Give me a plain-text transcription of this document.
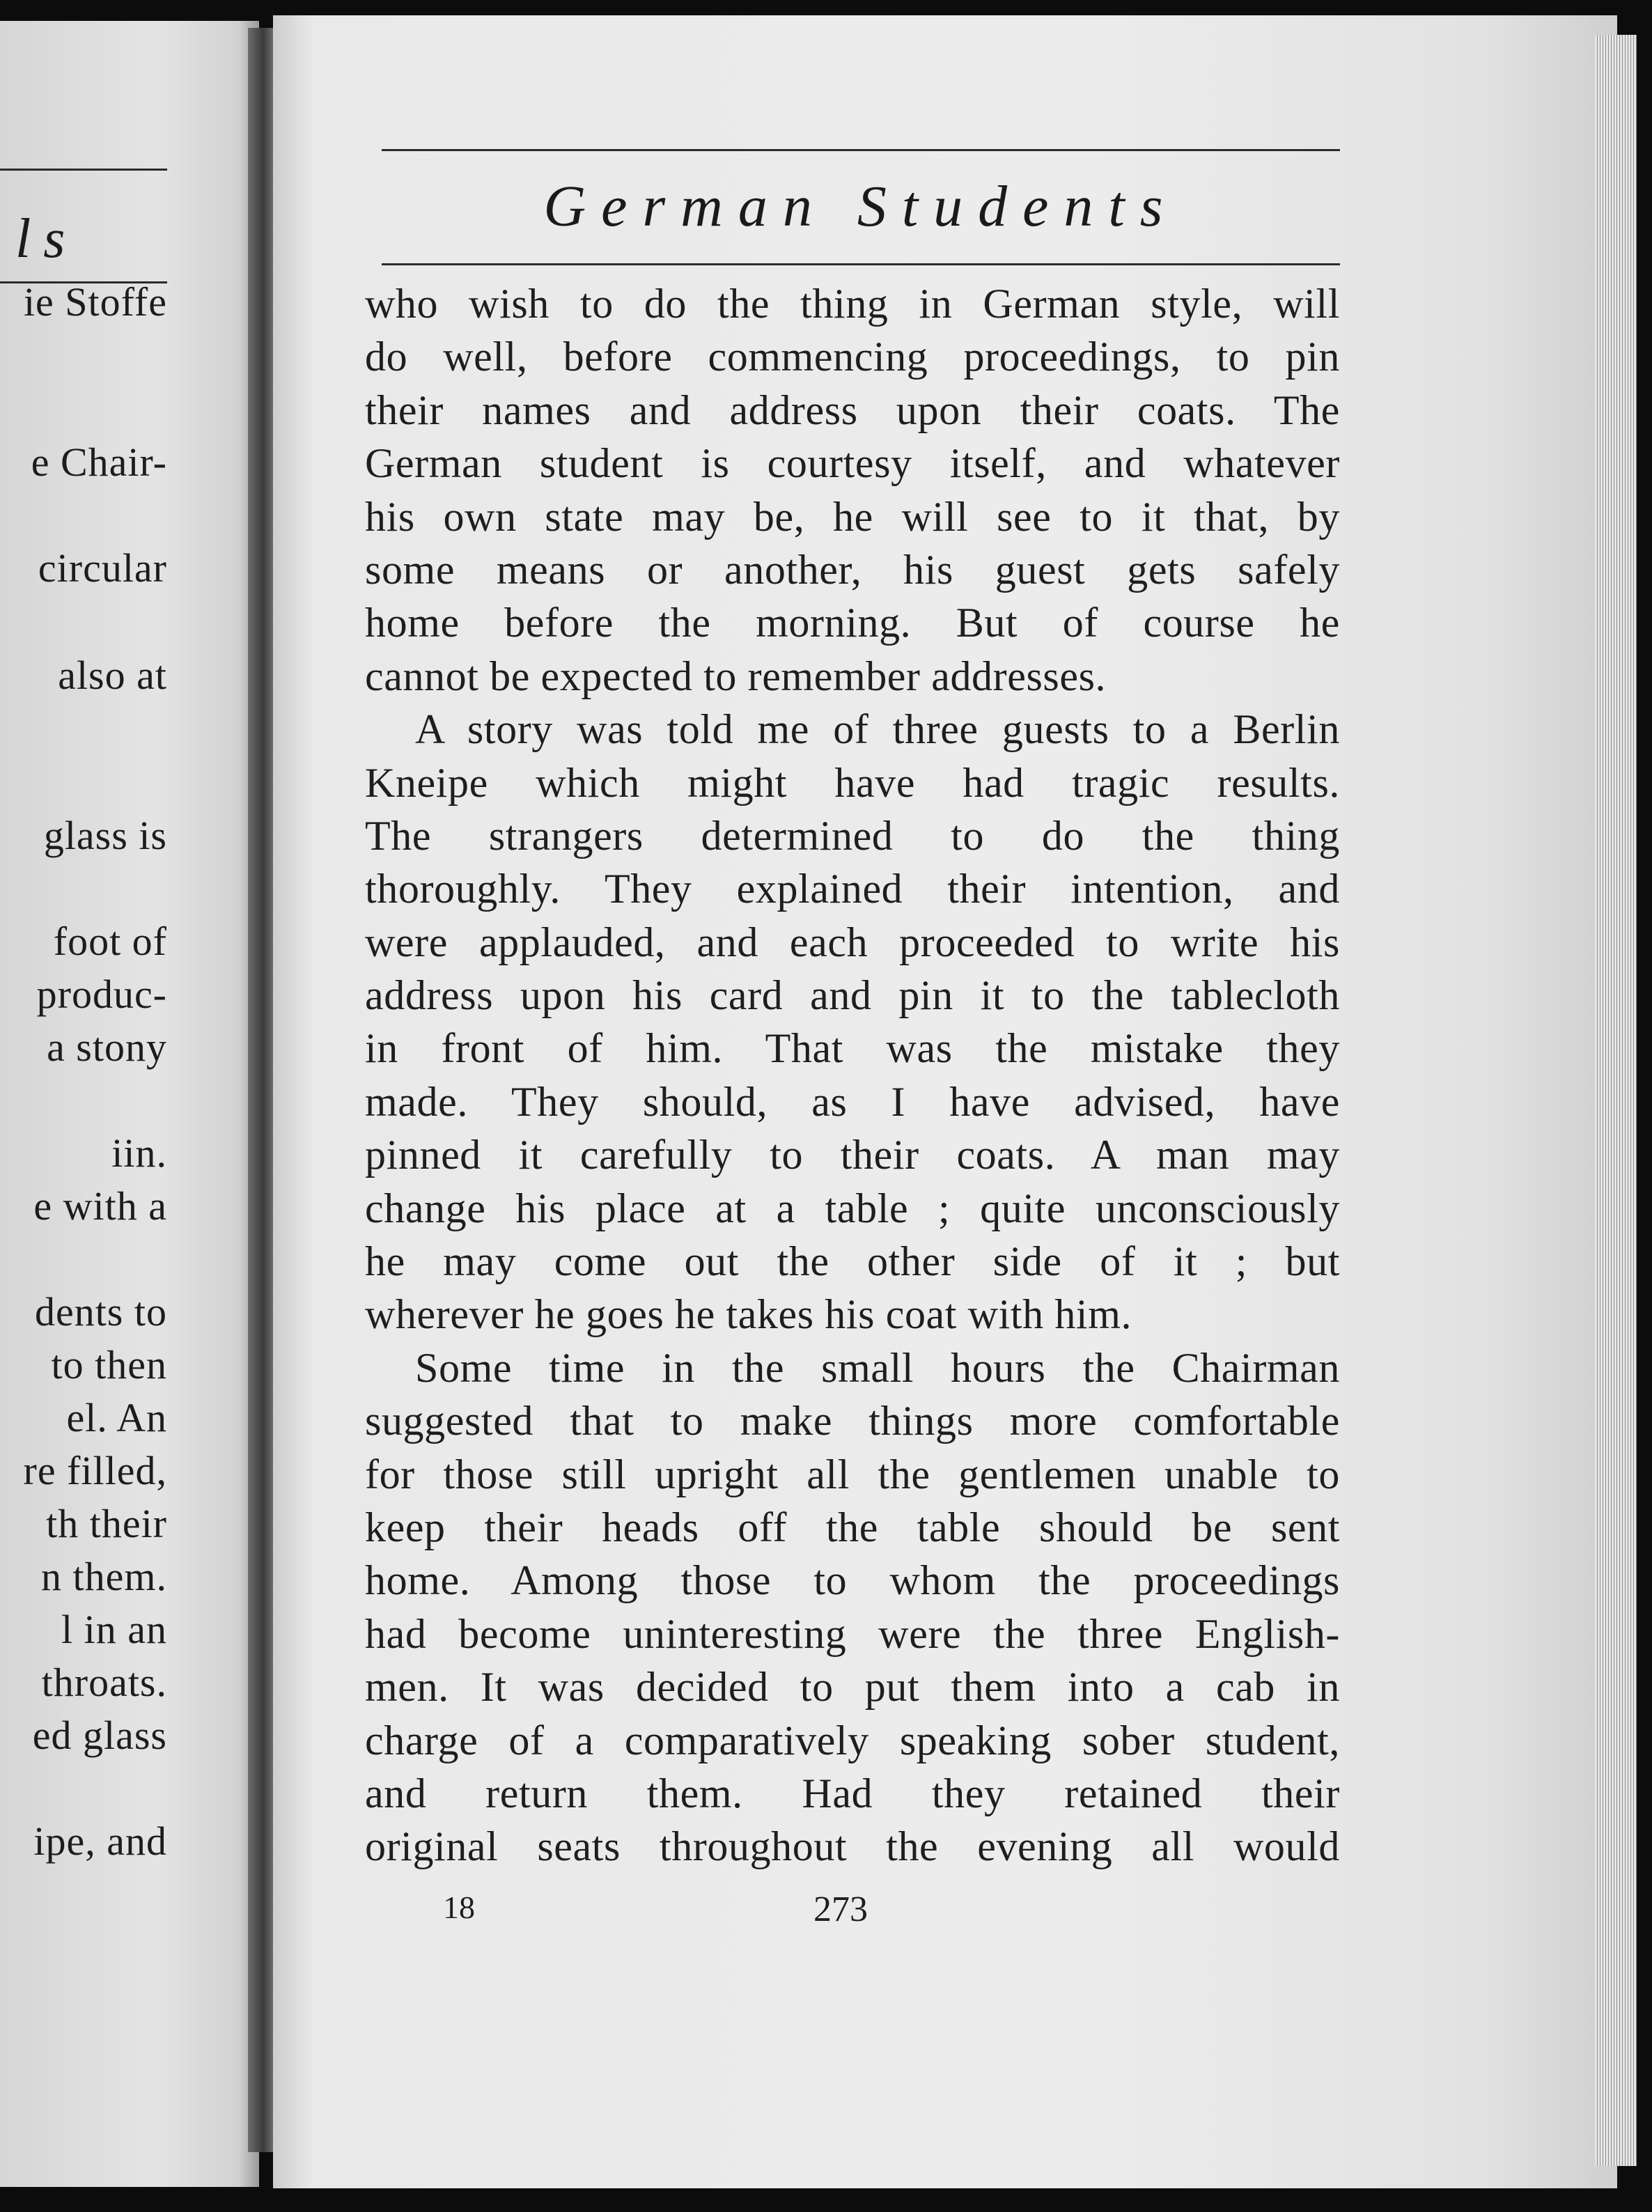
ls
ie Stoffe
e Chair-
circular
also at
glass is
foot of
produc-
a stony
iin.
e with a
dents to
to then
el. An
re filled,
th their
n them.
l in an
throats.
ed glass
ipe, and
German Students
who wish to do the thing in German style, will
do well, before commencing proceedings, to pin
their names and address upon their coats. The
German student is courtesy itself, and whatever
his own state may be, he will see to it that, by
some means or another, his guest gets safely
home before the morning. But of course he
cannot be expected to remember addresses.
A story was told me of three guests to a Berlin
Kneipe which might have had tragic results.
The strangers determined to do the thing
thoroughly. They explained their intention, and
were applauded, and each proceeded to write his
address upon his card and pin it to the tablecloth
in front of him. That was the mistake they
made. They should, as I have advised, have
pinned it carefully to their coats. A man may
change his place at a table ; quite unconsciously
he may come out the other side of it ; but
wherever he goes he takes his coat with him.
Some time in the small hours the Chairman
suggested that to make things more comfortable
for those still upright all the gentlemen unable to
keep their heads off the table should be sent
home. Among those to whom the proceedings
had become uninteresting were the three English-
men. It was decided to put them into a cab in
charge of a comparatively speaking sober student,
and return them. Had they retained their
original seats throughout the evening all would
18	273
